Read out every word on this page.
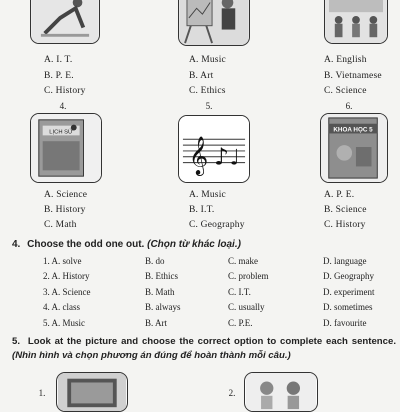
A. I. T.
B. P. E.
C. History
A. Music
B. Art
C. Ethics
A. English
B. Vietnamese
C. Science
4.	5.	6.
LỊCH SỬ
𝄞 ♪ ♩
KHOA HỌC 5
A. Science
B. History
C. Math
A. Music
B. I.T.
C. Geography
A. P. E.
B. Science
C. History
4. Choose the odd one out. (Chọn từ khác loại.)
1. A. solve	B. do	C. make	D. language
2. A. History	B. Ethics	C. problem	D. Geography
3. A. Science	B. Math	C. I.T.	D. experiment
4. A. class	B. always	C. usually	D. sometimes
5. A. Music	B. Art	C. P.E.	D. favourite
5. Look at the picture and choose the correct option to complete each sentence. (Nhìn hình và chọn phương án đúng để hoàn thành mỗi câu.)
1.	2.
